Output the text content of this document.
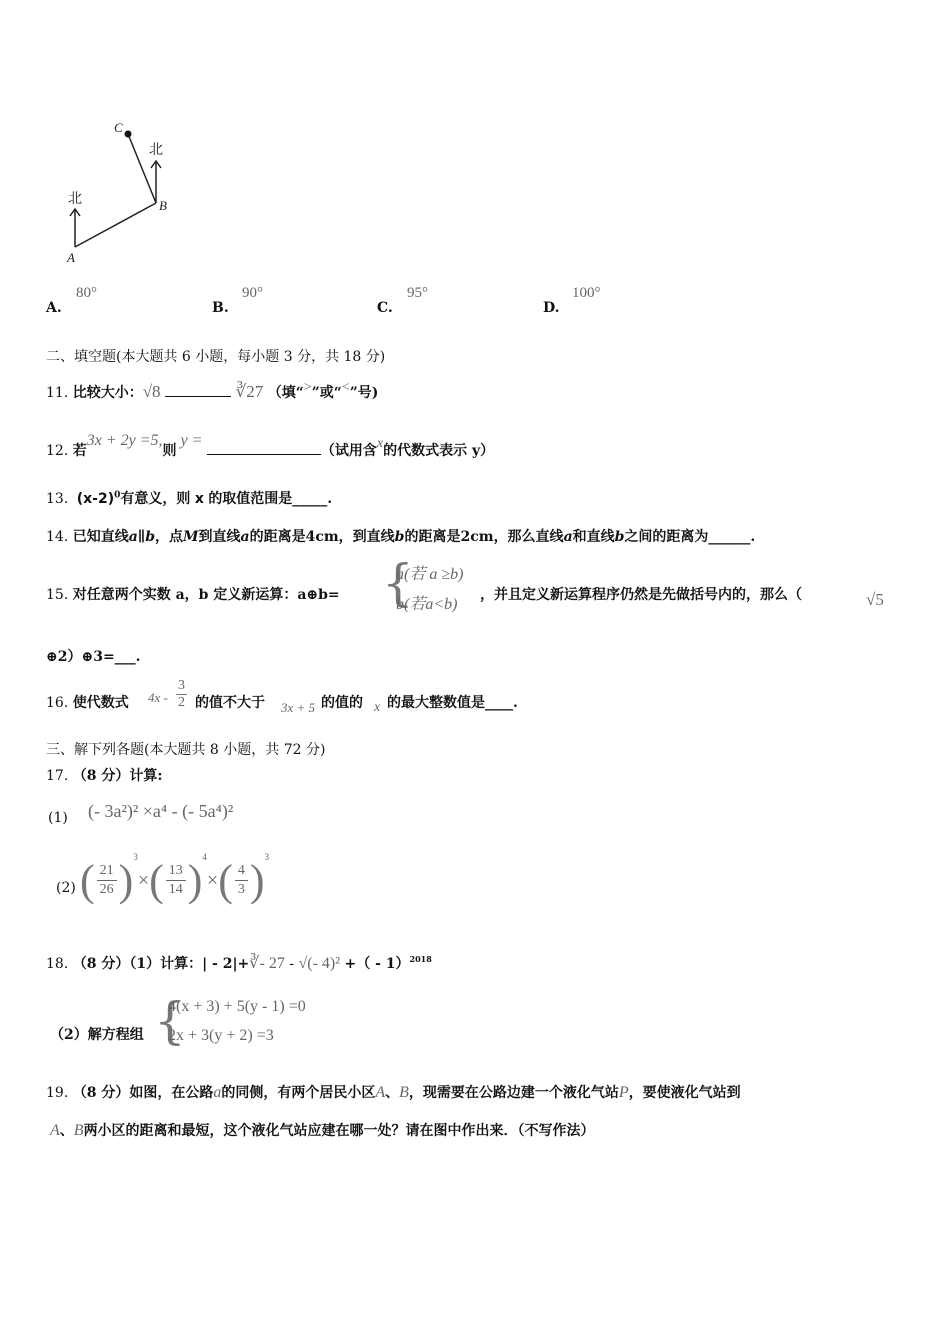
北
北
A
B
C
A.
80°
B.
90°
C.
95°
D.
100°
二、填空题(本大题共 6 小题，每小题 3 分，共 18 分)
11. 比较大小：√8	∛27 （填“>”或“<”号)
12. 若3x + 2y =5,则y = （试用含x的代数式表示 y）
13. $(x-2)^0$有意义，则 x 的取值范围是_____.
14. 已知直线a∥b，点M到直线a的距离是4cm，到直线b的距离是2cm，那么直线a和直线b之间的距离为______.
15. 对任意两个实数 a，b 定义新运算：a⊕b= {
a(若 a ≥b)
b(若a<b)
，并且定义新运算程序仍然是先做括号内的，那么（	√5
⊕2）⊕3=___.
16. 使代数式 $4x - \frac{3}{2}$ 的值不大于 3x + 5 的值的 x 的最大整数值是____.
三、解下列各题(本大题共 8 小题，共 72 分)
17. （8 分）计算:
(1) (- 3a²)² ×a⁴ - (- 5a⁴)²
(2) ( $\frac{21}{26} )^3\times( \frac{13}{14} )^4\times( \frac{4}{3} )^3$
18. （8 分）（1）计算：| - 2|+∛- 27 - √(- 4)² +（ - 1）$^{2018}$
（2）解方程组 {
4(x + 3) + 5(y - 1) =0
2x + 3(y + 2) =3
19. （8 分）如图，在公路a的同侧，有两个居民小区A、B，现需要在公路边建一个液化气站P，要使液化气站到
A、B两小区的距离和最短，这个液化气站应建在哪一处？请在图中作出来．（不写作法）
